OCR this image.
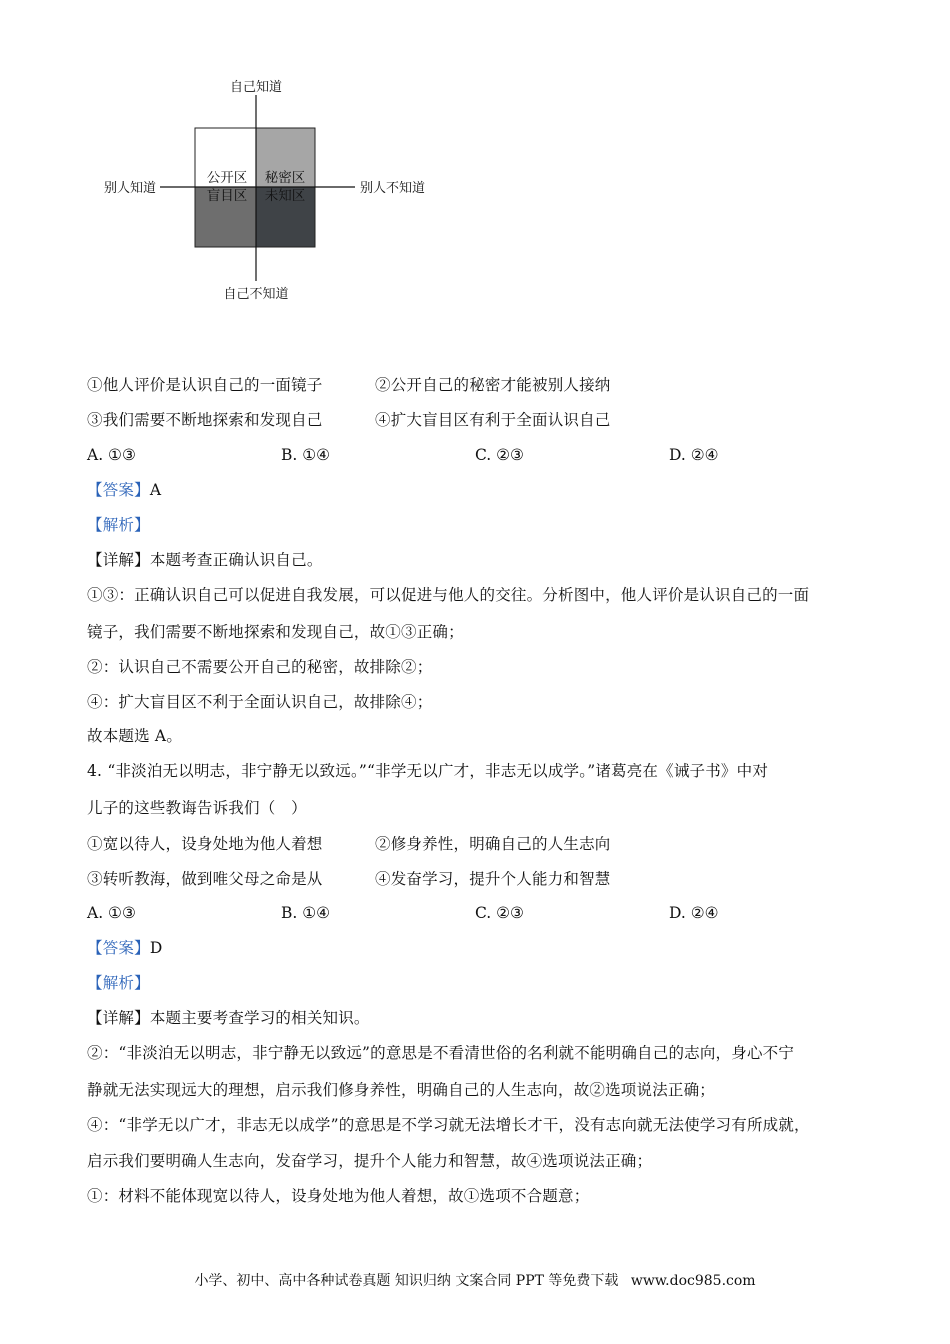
自己知道
自己不知道
别人知道	别人不知道
公开区 秘密区
盲目区 未知区
①他人评价是认识自己的一面镜子	②公开自己的秘密才能被别人接纳
③我们需要不断地探索和发现自己	④扩大盲目区有利于全面认识自己
A. ①③	B. ①④	C. ②③	D. ②④
【答案】A
【解析】
【详解】本题考查正确认识自己。
①③：正确认识自己可以促进自我发展，可以促进与他人的交往。分析图中，他人评价是认识自己的一面
镜子，我们需要不断地探索和发现自己，故①③正确；
②：认识自己不需要公开自己的秘密，故排除②；
④：扩大盲目区不利于全面认识自己，故排除④；
故本题选 A。
4. “非淡泊无以明志，非宁静无以致远。”“非学无以广才，非志无以成学。”诸葛亮在《诫子书》中对
儿子的这些教诲告诉我们（　）
①宽以待人，设身处地为他人着想	②修身养性，明确自己的人生志向
③转听教海，做到唯父母之命是从	④发奋学习，提升个人能力和智慧
A. ①③	B. ①④	C. ②③	D. ②④
【答案】D
【解析】
【详解】本题主要考查学习的相关知识。
②：“非淡泊无以明志，非宁静无以致远”的意思是不看清世俗的名利就不能明确自己的志向，身心不宁
静就无法实现远大的理想，启示我们修身养性，明确自己的人生志向，故②选项说法正确；
④：“非学无以广才，非志无以成学”的意思是不学习就无法增长才干，没有志向就无法使学习有所成就，
启示我们要明确人生志向，发奋学习，提升个人能力和智慧，故④选项说法正确；
①：材料不能体现宽以待人，设身处地为他人着想，故①选项不合题意；
小学、初中、高中各种试卷真题 知识归纳 文案合同 PPT 等免费下载 www.doc985.com
